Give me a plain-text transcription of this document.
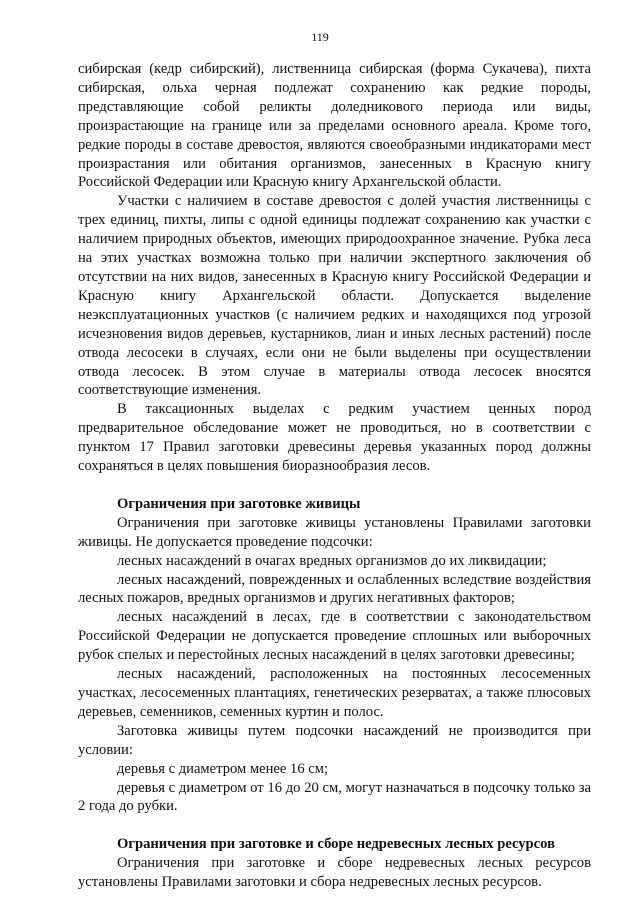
119

сибирская (кедр сибирский), лиственница сибирская (форма Сукачева), пихта сибирская, ольха черная подлежат сохранению как редкие породы, представляющие собой реликты доледникового периода или виды, произрастающие на границе или за пределами основного ареала. Кроме того, редкие породы в составе древостоя, являются своеобразными индикаторами мест произрастания или обитания организмов, занесенных в Красную книгу Российской Федерации или Красную книгу Архангельской области.

Участки с наличием в составе древостоя с долей участия лиственницы с трех единиц, пихты, липы с одной единицы подлежат сохранению как участки с наличием природных объектов, имеющих природоохранное значение. Рубка леса на этих участках возможна только при наличии экспертного заключения об отсутствии на них видов, занесенных в Красную книгу Российской Федерации и Красную книгу Архангельской области. Допускается выделение неэксплуатационных участков (с наличием редких и находящихся под угрозой исчезновения видов деревьев, кустарников, лиан и иных лесных растений) после отвода лесосеки в случаях, если они не были выделены при осуществлении отвода лесосек. В этом случае в материалы отвода лесосек вносятся соответствующие изменения.

В таксационных выделах с редким участием ценных пород предварительное обследование может не проводиться, но в соответствии с пунктом 17 Правил заготовки древесины деревья указанных пород должны сохраняться в целях повышения биоразнообразия лесов.

Ограничения при заготовке живицы

Ограничения при заготовке живицы установлены Правилами заготовки живицы. Не допускается проведение подсочки:

лесных насаждений в очагах вредных организмов до их ликвидации;

лесных насаждений, поврежденных и ослабленных вследствие воздействия лесных пожаров, вредных организмов и других негативных факторов;

лесных насаждений в лесах, где в соответствии с законодательством Российской Федерации не допускается проведение сплошных или выборочных рубок спелых и перестойных лесных насаждений в целях заготовки древесины;

лесных насаждений, расположенных на постоянных лесосеменных участках, лесосеменных плантациях, генетических резерватах, а также плюсовых деревьев, семенников, семенных куртин и полос.

Заготовка живицы путем подсочки насаждений не производится при условии:

деревья с диаметром менее 16 см;

деревья с диаметром от 16 до 20 см, могут назначаться в подсочку только за 2 года до рубки.

Ограничения при заготовке и сборе недревесных лесных ресурсов

Ограничения при заготовке и сборе недревесных лесных ресурсов установлены Правилами заготовки и сбора недревесных лесных ресурсов.
